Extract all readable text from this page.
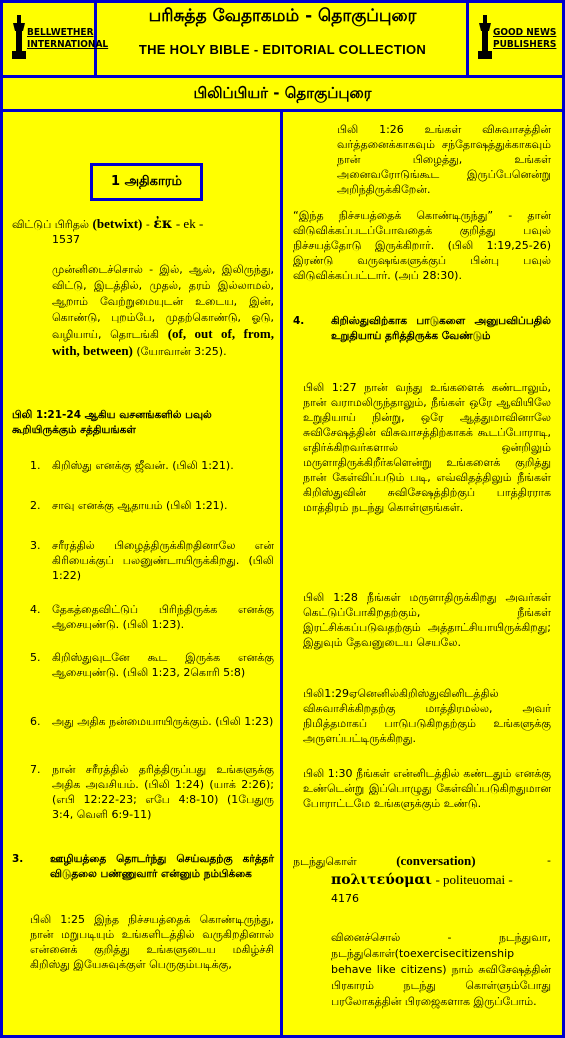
BELLWETHER
INTERNATIONAL
பரிசுத்த வேதாகமம் - தொகுப்புரை
THE HOLY BIBLE - EDITORIAL COLLECTION
GOOD NEWS
PUBLISHERS
பிலிப்பியர் - தொகுப்புரை
1 அதிகாரம்
விட்டுப் பிரிதல் (betwixt) - ἐκ - ek -
1537
முன்னிடைச்சொல் - இல், ஆல், இலிருந்து, விட்டு, இடத்தில், முதல், தரம் இல்லாமல், ஆறாம் வேற்றுமையுடன் உடைய, இன், கொண்டு, புறம்பே, முதற்கொண்டு, ஓடு, வழியாய், தொடங்கி (of, out of, from, with, between) (யோவான் 3:25).
பிலி 1:21-24 ஆகிய வசனங்களில் பவுல் கூறியிருக்கும் சத்தியங்கள்
1. கிறிஸ்து எனக்கு ஜீவன். (பிலி 1:21).
2. சாவு எனக்கு ஆதாயம் (பிலி 1:21).
3. சரீரத்தில் பிழைத்திருக்கிறதினாலே என் கிரியைக்குப் பலனுண்டாயிருக்கிறது. (பிலி 1:22)
4. தேகத்தைவிட்டுப் பிரிந்திருக்க எனக்கு ஆசையுண்டு. (பிலி 1:23).
5. கிறிஸ்துவுடனே கூட இருக்க எனக்கு ஆசையுண்டு. (பிலி 1:23, 2கொரி 5:8)
6. அது அதிக நன்மையாயிருக்கும். (பிலி 1:23)
7. நான் சரீரத்தில் தரித்திருப்பது உங்களுக்கு அதிக அவசியம். (பிலி 1:24) (யாக் 2:26); (எபி 12:22-23; எபே 4:8-10) (1பேதுரு 3:4, வெளி 6:9-11)
3.	ஊழியத்தை தொடர்ந்து செய்வதற்கு கர்த்தர் விடுதலை பண்ணுவார் என்னும் நம்பிக்கை
பிலி 1:25 இந்த நிச்சயத்தைக் கொண்டிருந்து, நான் மறுபடியும் உங்களிடத்தில் வருகிறதினால் என்னைக் குறித்து உங்களுடைய மகிழ்ச்சி கிறிஸ்து இயேசுவுக்குள் பெருகும்படிக்கு,
பிலி 1:26 உங்கள் விசுவாசத்தின் வர்த்தனைக்காகவும் சந்தோஷத்துக்காகவும் நான் பிழைத்து, உங்கள் அனைவரோடுங்கூட இருப்பேனென்று அறிந்திருக்கிறேன்.
“இந்த நிச்சயத்தைக் கொண்டிருந்து” - தான் விடுவிக்கப்படப்போவதைக் குறித்து பவுல் நிச்சயத்தோடு இருக்கிறார். (பிலி 1:19,25-26) இரண்டு வருஷங்களுக்குப் பின்பு பவுல் விடுவிக்கப்பட்டார். (அப் 28:30).
4.	கிறிஸ்துவிற்காக பாடுகளை அனுபவிப்பதில் உறுதியாய் தரித்திருக்க வேண்டும்
பிலி 1:27 நான் வந்து உங்களைக் கண்டாலும், நான் வராமலிருந்தாலும், நீங்கள் ஒரே ஆவியிலே உறுதியாய் நின்று, ஒரே ஆத்துமாவினாலே சுவிசேஷத்தின் விசுவாசத்திற்காகக் கூடப்போராடி, எதிர்க்கிறவர்களால் ஒன்றிலும் மருளாதிருக்கிறீர்களென்று உங்களைக் குறித்து நான் கேள்விப்படும் படி, எவ்விதத்திலும் நீங்கள் கிறிஸ்துவின் சுவிசேஷத்திற்குப் பாத்திரராக மாத்திரம் நடந்து கொள்ளுங்கள்.
பிலி 1:28 நீங்கள் மருளாதிருக்கிறது அவர்கள் கெட்டுப்போகிறதற்கும், நீங்கள் இரட்சிக்கப்படுவதற்கும் அத்தாட்சியாயிருக்கிறது; இதுவும் தேவனுடைய செயலே.
பிலி1:29ஏனெனில்கிறிஸ்துவினிடத்தில் விசுவாசிக்கிறதற்கு மாத்திரமல்ல, அவர் நிமித்தமாகப் பாடுபடுகிறதற்கும் உங்களுக்கு அருளப்பட்டிருக்கிறது.
பிலி 1:30 நீங்கள் என்னிடத்தில் கண்டதும் எனக்கு உண்டென்று இப்பொழுது கேள்விப்படுகிறதுமான போராட்டமே உங்களுக்கும் உண்டு.
நடந்துகொள்	(conversation)	-
πολιτεύομαι - politeuomai -
4176
வினைச்சொல் - நடந்துவா, நடந்துகொள்(toexercisecitizenship behave like citizens) நாம் சுவிசேஷத்தின் பிரகாரம் நடந்து கொள்ளும்போது பரலோகத்தின் பிரஜைகளாக இருப்போம்.
